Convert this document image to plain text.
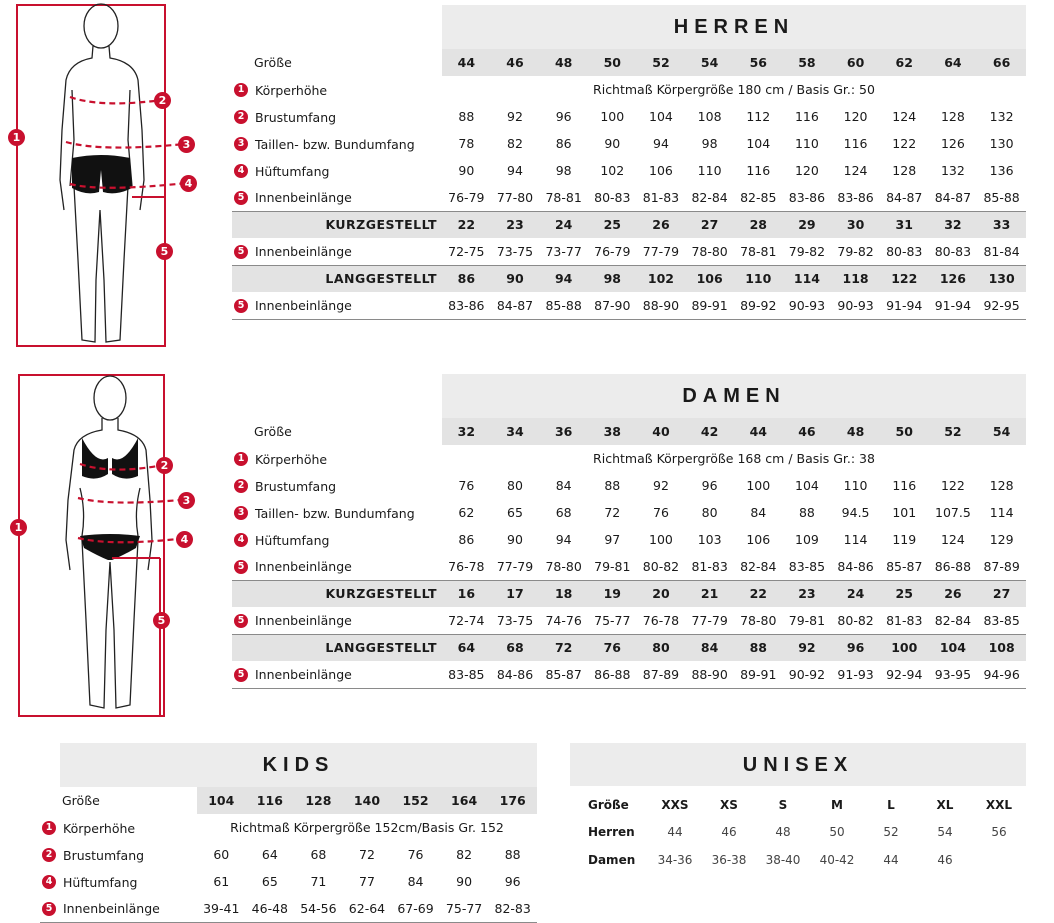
1
2
3
4
5
		HERREN											
	Größe	44	46	48	50	52	54	56	58	60	62	64	66
1 Körperhöhe		Richtmaß Körpergröße 180 cm / Basis Gr.: 50											
2 Brustumfang		88	92	96	100	104	108	112	116	120	124	128	132
3 Taillen- bzw. Bundumfang		78	82	86	90	94	98	104	110	116	122	126	130
4 Hüftumfang		90	94	98	102	106	110	116	120	124	128	132	136
5 Innenbeinlänge		76-79	77-80	78-81	80-83	81-83	82-84	82-85	83-86	83-86	84-87	84-87	85-88
KURZGESTELLT		22	23	24	25	26	27	28	29	30	31	32	33
5 Innenbeinlänge		72-75	73-75	73-77	76-79	77-79	78-80	78-81	79-82	79-82	80-83	80-83	81-84
LANGGESTELLT		86	90	94	98	102	106	110	114	118	122	126	130
5 Innenbeinlänge		83-86	84-87	85-88	87-90	88-90	89-91	89-92	90-93	90-93	91-94	91-94	92-95
1
2
3
4
5
		DAMEN											
	Größe	32	34	36	38	40	42	44	46	48	50	52	54
1 Körperhöhe		Richtmaß Körpergröße 168 cm / Basis Gr.: 38											
2 Brustumfang		76	80	84	88	92	96	100	104	110	116	122	128
3 Taillen- bzw. Bundumfang		62	65	68	72	76	80	84	88	94.5	101	107.5	114
4 Hüftumfang		86	90	94	97	100	103	106	109	114	119	124	129
5 Innenbeinlänge		76-78	77-79	78-80	79-81	80-82	81-83	82-84	83-85	84-86	85-87	86-88	87-89
KURZGESTELLT		16	17	18	19	20	21	22	23	24	25	26	27
5 Innenbeinlänge		72-74	73-75	74-76	75-77	76-78	77-79	78-80	79-81	80-82	81-83	82-84	83-85
LANGGESTELLT		64	68	72	76	80	84	88	92	96	100	104	108
5 Innenbeinlänge		83-85	84-86	85-87	86-88	87-89	88-90	89-91	90-92	91-93	92-94	93-95	94-96
	KIDS							
	Größe	104	116	128	140	152	164	176
1 Körperhöhe		Richtmaß Körpergröße 152cm/Basis Gr. 152						
2 Brustumfang		60	64	68	72	76	82	88
4 Hüftumfang		61	65	71	77	84	90	96
5 Innenbeinlänge		39-41	46-48	54-56	62-64	67-69	75-77	82-83
UNISEX
Größe	XXS	XS	S	M	L	XL	XXL
Herren	44	46	48	50	52	54	56
Damen	34-36	36-38	38-40	40-42	44	46	
